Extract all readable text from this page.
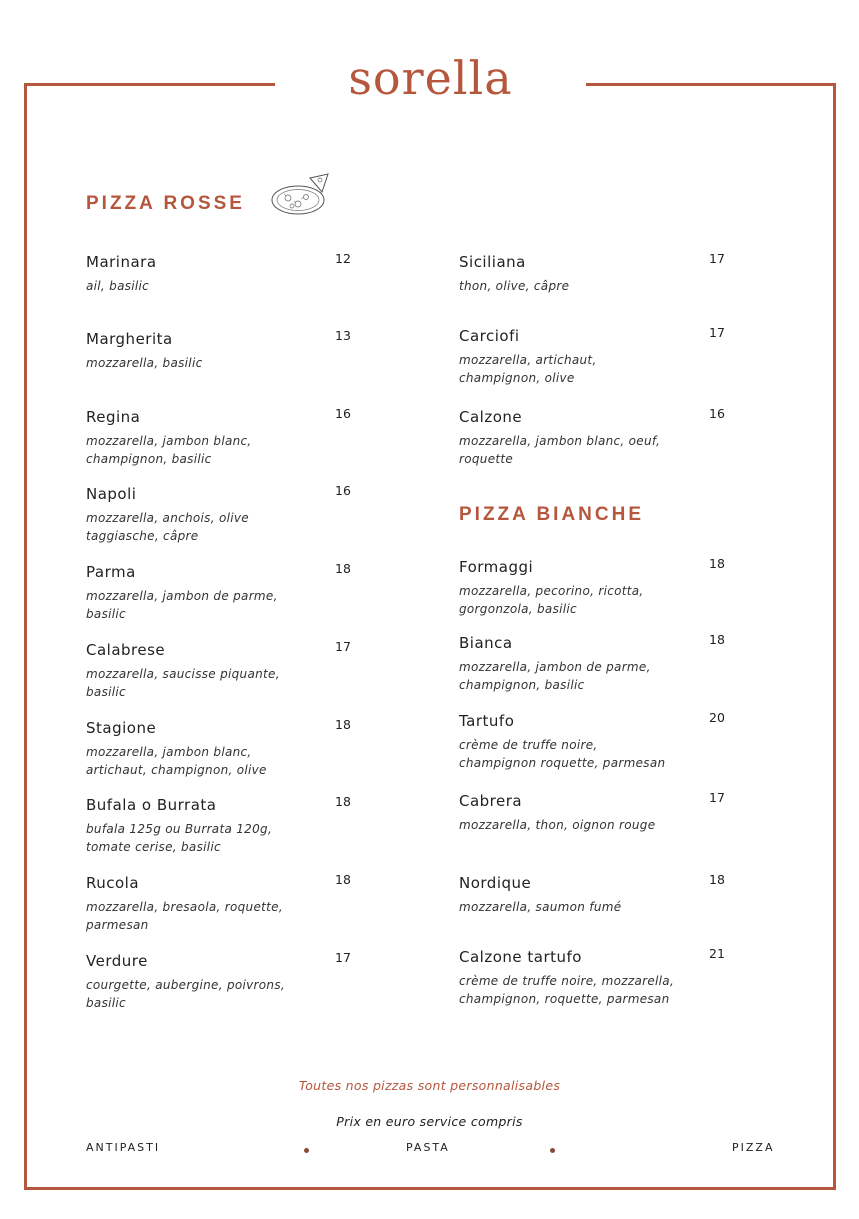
sorella
PIZZA ROSSE
Marinara	12
ail, basilic
Margherita	13
mozzarella, basilic
Regina	16
mozzarella, jambon blanc, champignon, basilic
Napoli	16
mozzarella, anchois, olive taggiasche, câpre
Parma	18
mozzarella, jambon de parme, basilic
Calabrese	17
mozzarella, saucisse piquante, basilic
Stagione	18
mozzarella, jambon blanc, artichaut, champignon, olive
Bufala o Burrata	18
bufala 125g ou Burrata 120g, tomate cerise, basilic
Rucola	18
mozzarella, bresaola, roquette, parmesan
Verdure	17
courgette, aubergine, poivrons, basilic
Siciliana	17
thon, olive, câpre
Carciofi	17
mozzarella, artichaut, champignon, olive
Calzone	16
mozzarella, jambon blanc, oeuf, roquette
PIZZA BIANCHE
Formaggi	18
mozzarella, pecorino, ricotta, gorgonzola, basilic
Bianca	18
mozzarella, jambon de parme, champignon, basilic
Tartufo	20
crème de truffe noire, champignon roquette, parmesan
Cabrera	17
mozzarella, thon, oignon rouge
Nordique	18
mozzarella, saumon fumé
Calzone tartufo	21
crème de truffe noire, mozzarella, champignon, roquette, parmesan
Toutes nos pizzas sont personnalisables
Prix en euro service compris
ANTIPASTI	PASTA	PIZZA
